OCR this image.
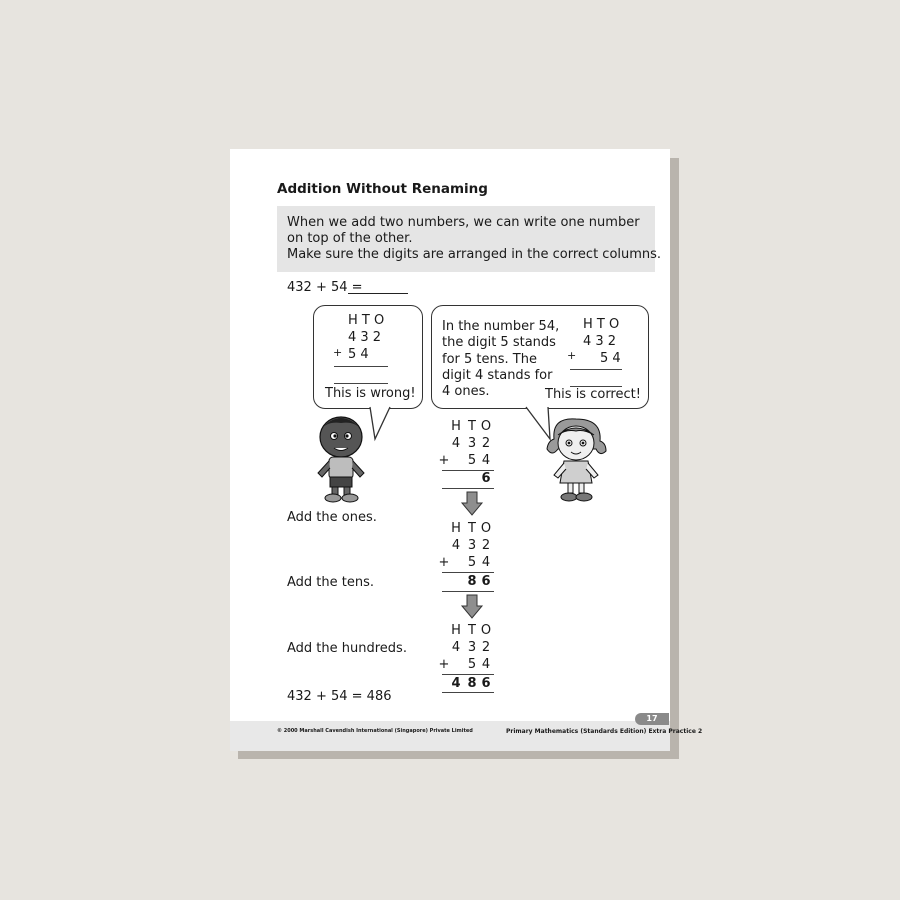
Addition Without Renaming
When we add two numbers, we can write one number
on top of the other.
Make sure the digits are arranged in the correct columns.
432 + 54 =
H T O
4 3 2
+ 5 4
This is wrong!
In the number 54,
the digit 5 stands
for 5 tens. The
digit 4 stands for
4 ones.
H T O
4 3 2
+ 5 4
This is correct!
H T O
4 3 2
+ 5 4
6
Add the ones.
H T O
4 3 2
+ 5 4
8 6
Add the tens.
H T O
4 3 2
+ 5 4
4 8 6
Add the hundreds.
432 + 54 = 486
17
© 2000 Marshall Cavendish International (Singapore) Private Limited	Primary Mathematics (Standards Edition) Extra Practice 2
